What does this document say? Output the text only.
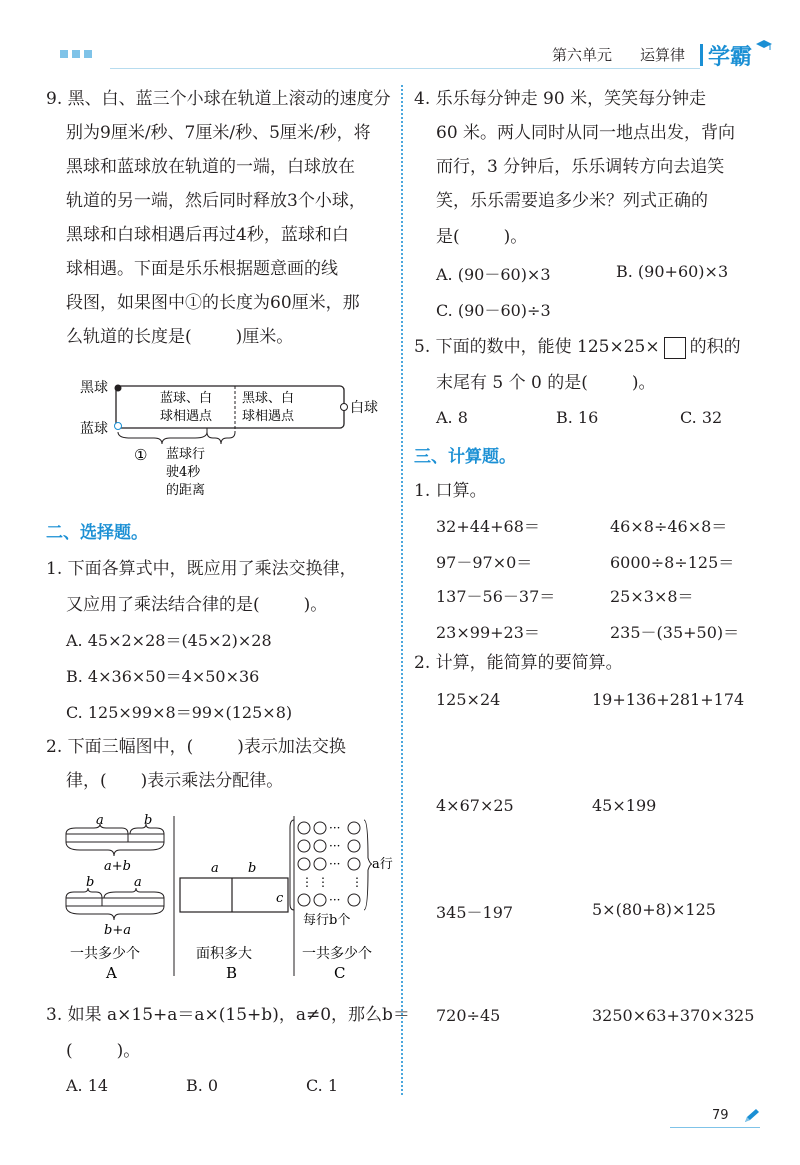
第六单元 运算律 学霸
9. 黑、白、蓝三个小球在轨道上滚动的速度分
别为9厘米/秒、7厘米/秒、5厘米/秒，将
黑球和蓝球放在轨道的一端，白球放在
轨道的另一端，然后同时释放3个小球，
黑球和白球相遇后再过4秒，蓝球和白
球相遇。下面是乐乐根据题意画的线
段图，如果图中①的长度为60厘米，那
么轨道的长度是(	)厘米。
黑球
蓝球
白球
蓝球、白
球相遇点
黑球、白
球相遇点
① 蓝球行
驶4秒
的距离
二、选择题。
1. 下面各算式中，既应用了乘法交换律，
又应用了乘法结合律的是(	)。
A. 45×2×28＝(45×2)×28
B. 4×36×50＝4×50×36
C. 125×99×8＝99×(125×8)
2. 下面三幅图中，(	)表示加法交换
律，( )表示乘法分配律。
a	b
a+b
b	a
b+a
一共多少个
A
a b
c
面积多大
B
···
···
···
⋮ ⋮ ⋮
···
a行
每行b个
一共多少个
C
3. 如果 a×15+a＝a×(15+b)，a≠0，那么b＝
(	)。
A. 14	B. 0	C. 1
4. 乐乐每分钟走 90 米，笑笑每分钟走
60 米。两人同时从同一地点出发，背向
而行，3 分钟后，乐乐调转方向去追笑
笑，乐乐需要追多少米？列式正确的
是(	)。
A. (90－60)×3	B. (90+60)×3
C. (90－60)÷3
5. 下面的数中，能使 125×25× 的积的
末尾有 5 个 0 的是(	)。
A. 8	B. 16	C. 32
三、计算题。
1. 口算。
32+44+68＝	46×8÷46×8＝
97－97×0＝	6000÷8÷125＝
137－56－37＝	25×3×8＝
23×99+23＝	235－(35+50)＝
2. 计算，能简算的要简算。
125×24	19+136+281+174
4×67×25	45×199
345－197	5×(80+8)×125
720÷45	3250×63+370×325
79
